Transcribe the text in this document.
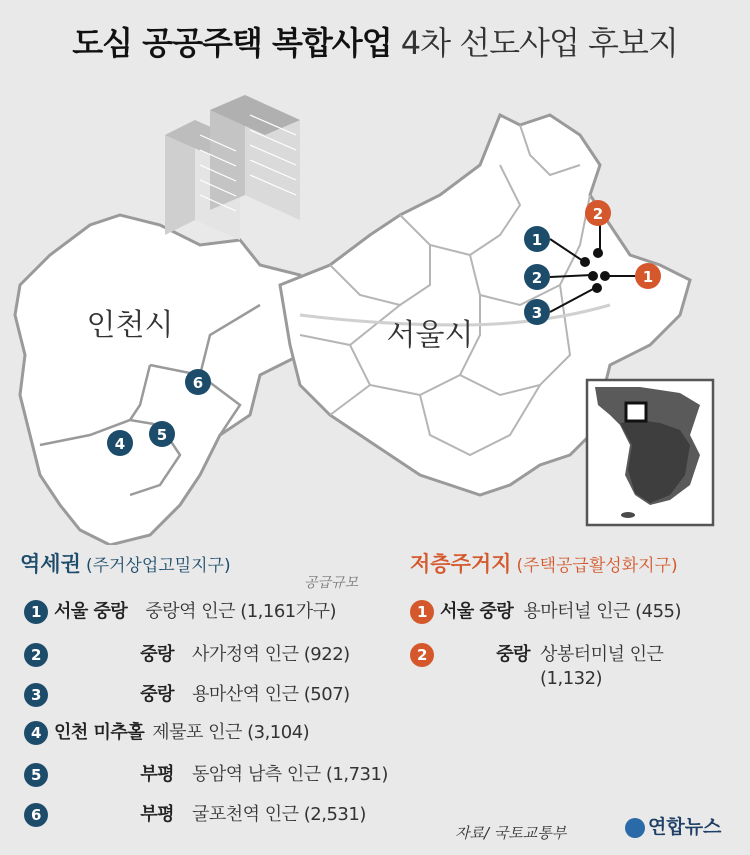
도심 공공주택 복합사업 4차 선도사업 후보지
인천시	서울시
1
2
3
4 5
6
2
1
역세권 (주거상업고밀지구)
공급규모
1 서울 중랑 중랑역 인근 (1,161가구)
2	중랑 사가정역 인근 (922)
3	중랑 용마산역 인근 (507)
4 인천 미추홀 제물포 인근 (3,104)
5	부평 동암역 남측 인근 (1,731)
6	부평 굴포천역 인근 (2,531)
저층주거지 (주택공급활성화지구)
1 서울 중랑 용마터널 인근 (455)
2	중랑 상봉터미널 인근
(1,132)
자료/ 국토교통부	연합뉴스
